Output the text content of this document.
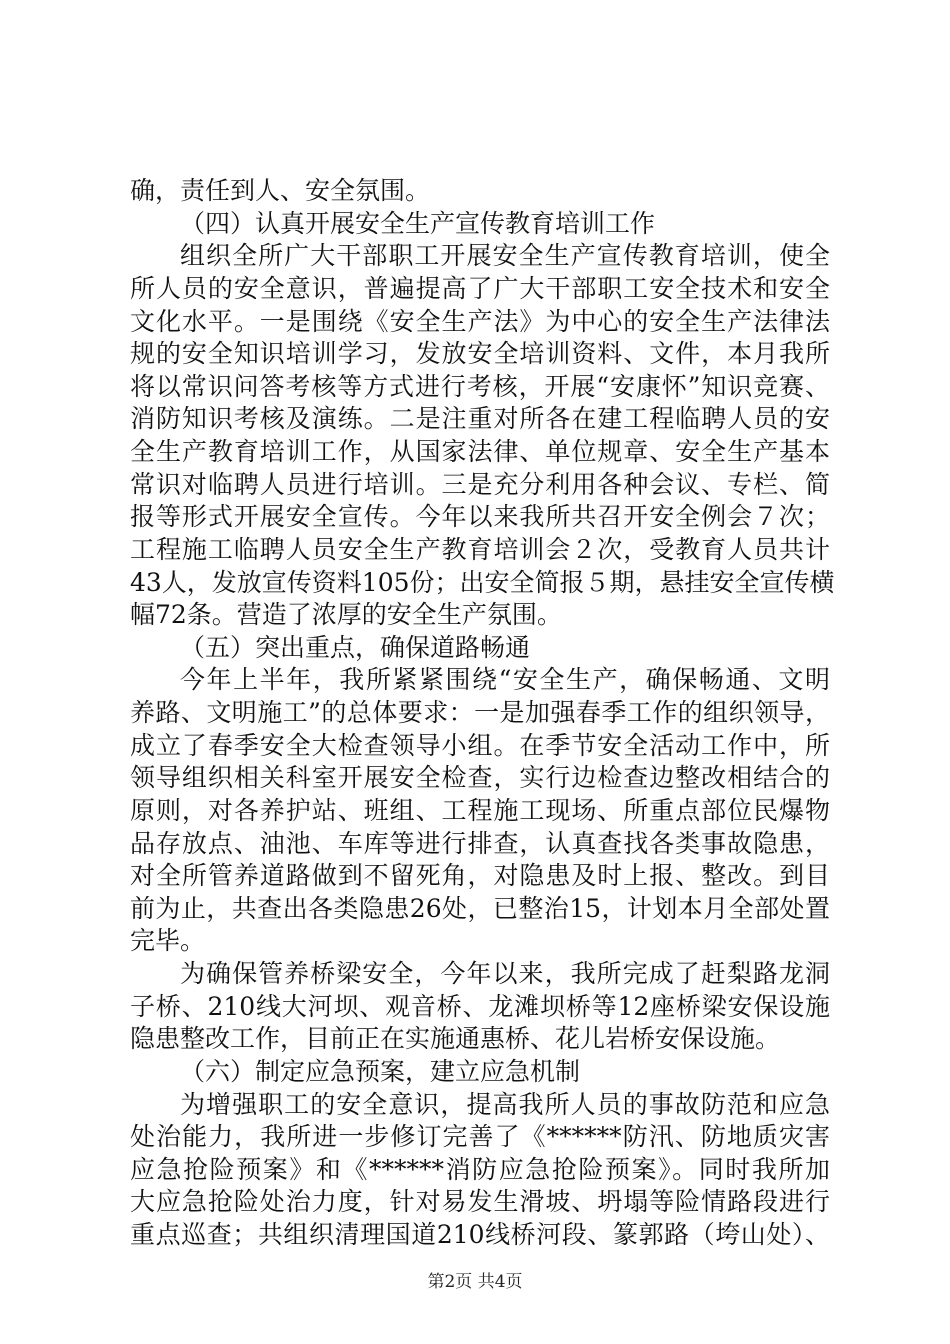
确，责任到人、安全氛围。
（四）认真开展安全生产宣传教育培训工作
组织全所广大干部职工开展安全生产宣传教育培训，使全
所人员的安全意识，普遍提高了广大干部职工安全技术和安全
文化水平。一是围绕《安全生产法》为中心的安全生产法律法
规的安全知识培训学习，发放安全培训资料、文件，本月我所
将以常识问答考核等方式进行考核，开展“安康怀”知识竞赛、
消防知识考核及演练。二是注重对所各在建工程临聘人员的安
全生产教育培训工作，从国家法律、单位规章、安全生产基本
常识对临聘人员进行培训。三是充分利用各种会议、专栏、简
报等形式开展安全宣传。今年以来我所共召开安全例会７次；
工程施工临聘人员安全生产教育培训会２次，受教育人员共计
43人，发放宣传资料105份；出安全简报５期，悬挂安全宣传横
幅72条。营造了浓厚的安全生产氛围。
（五）突出重点，确保道路畅通
今年上半年，我所紧紧围绕“安全生产，确保畅通、文明
养路、文明施工”的总体要求：一是加强春季工作的组织领导，
成立了春季安全大检查领导小组。在季节安全活动工作中，所
领导组织相关科室开展安全检查，实行边检查边整改相结合的
原则，对各养护站、班组、工程施工现场、所重点部位民爆物
品存放点、油池、车库等进行排查，认真查找各类事故隐患，
对全所管养道路做到不留死角，对隐患及时上报、整改。到目
前为止，共查出各类隐患26处，已整治15，计划本月全部处置
完毕。
为确保管养桥梁安全，今年以来，我所完成了赶梨路龙洞
子桥、210线大河坝、观音桥、龙滩坝桥等12座桥梁安保设施
隐患整改工作，目前正在实施通惠桥、花儿岩桥安保设施。
（六）制定应急预案，建立应急机制
为增强职工的安全意识，提高我所人员的事故防范和应急
处治能力，我所进一步修订完善了《******防汛、防地质灾害
应急抢险预案》和《******消防应急抢险预案》。同时我所加
大应急抢险处治力度，针对易发生滑坡、坍塌等险情路段进行
重点巡查；共组织清理国道210线桥河段、篆郭路（垮山处）、
第2页 共4页
